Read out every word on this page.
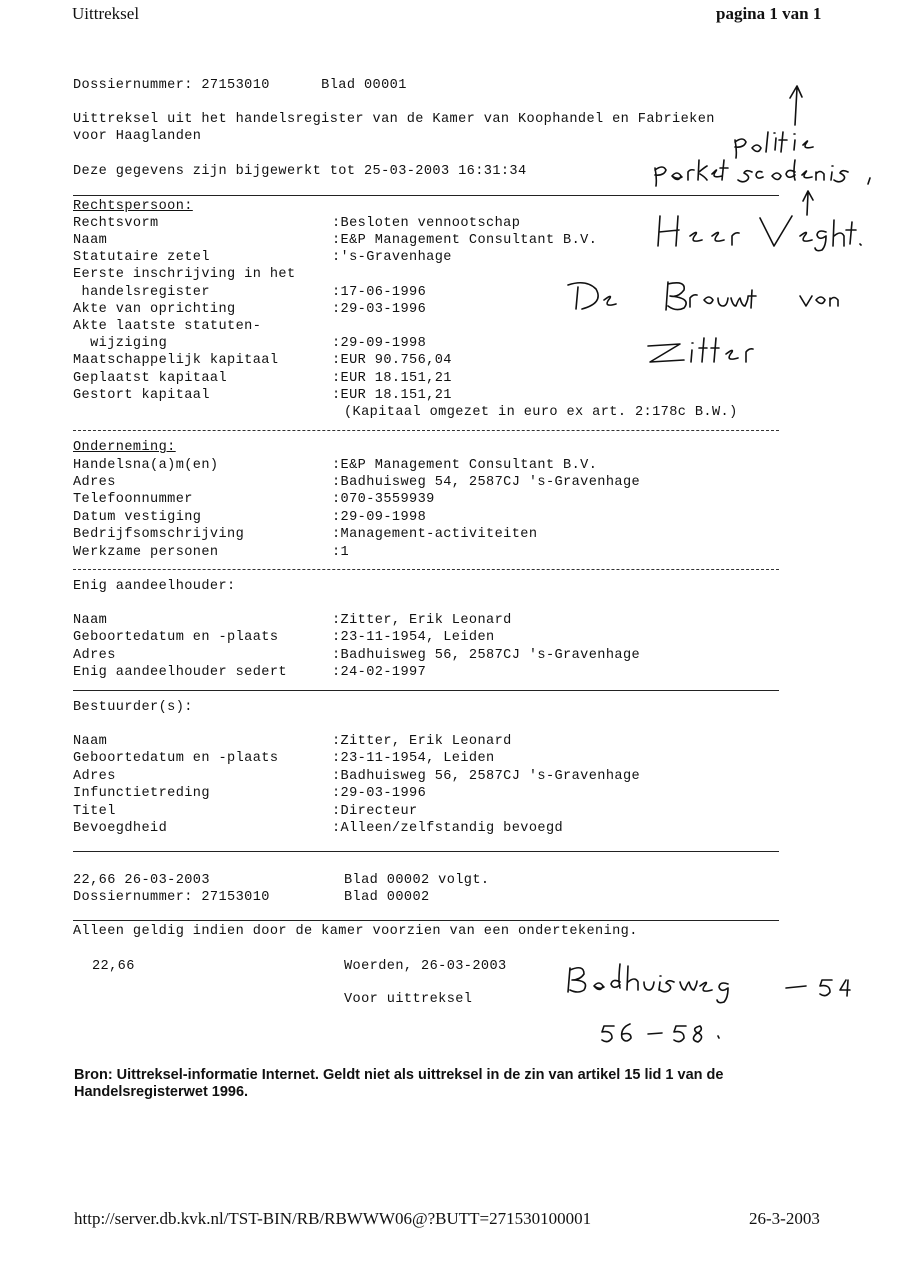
Uittreksel	pagina 1 van 1
Dossiernummer: 27153010      Blad 00001
Uittreksel uit het handelsregister van de Kamer van Koophandel en Fabrieken
voor Haaglanden
Deze gegevens zijn bijgewerkt tot 25-03-2003 16:31:34
Rechtspersoon:
Rechtsvorm	:Besloten vennootschap
Naam	:E&P Management Consultant B.V.
Statutaire zetel	:'s-Gravenhage
Eerste inschrijving in het
handelsregister	:17-06-1996
Akte van oprichting	:29-03-1996
Akte laatste statuten-
wijziging	:29-09-1998
Maatschappelijk kapitaal	:EUR 90.756,04
Geplaatst kapitaal	:EUR 18.151,21
Gestort kapitaal	:EUR 18.151,21
(Kapitaal omgezet in euro ex art. 2:178c B.W.)
Onderneming:
Handelsna(a)m(en)	:E&P Management Consultant B.V.
Adres	:Badhuisweg 54, 2587CJ 's-Gravenhage
Telefoonnummer	:070-3559939
Datum vestiging	:29-09-1998
Bedrijfsomschrijving	:Management-activiteiten
Werkzame personen	:1
Enig aandeelhouder:
Naam	:Zitter, Erik Leonard
Geboortedatum en -plaats	:23-11-1954, Leiden
Adres	:Badhuisweg 56, 2587CJ 's-Gravenhage
Enig aandeelhouder sedert	:24-02-1997
Bestuurder(s):
Naam	:Zitter, Erik Leonard
Geboortedatum en -plaats	:23-11-1954, Leiden
Adres	:Badhuisweg 56, 2587CJ 's-Gravenhage
Infunctietreding	:29-03-1996
Titel	:Directeur
Bevoegdheid	:Alleen/zelfstandig bevoegd
22,66 26-03-2003	Blad 00002 volgt.
Dossiernummer: 27153010	Blad 00002
Alleen geldig indien door de kamer voorzien van een ondertekening.
22,66	Woerden, 26-03-2003
Voor uittreksel
Bron: Uittreksel-informatie Internet. Geldt niet als uittreksel in de zin van artikel 15 lid 1 van de Handelsregisterwet 1996.
http://server.db.kvk.nl/TST-BIN/RB/RBWWW06@?BUTT=271530100001	26-3-2003
